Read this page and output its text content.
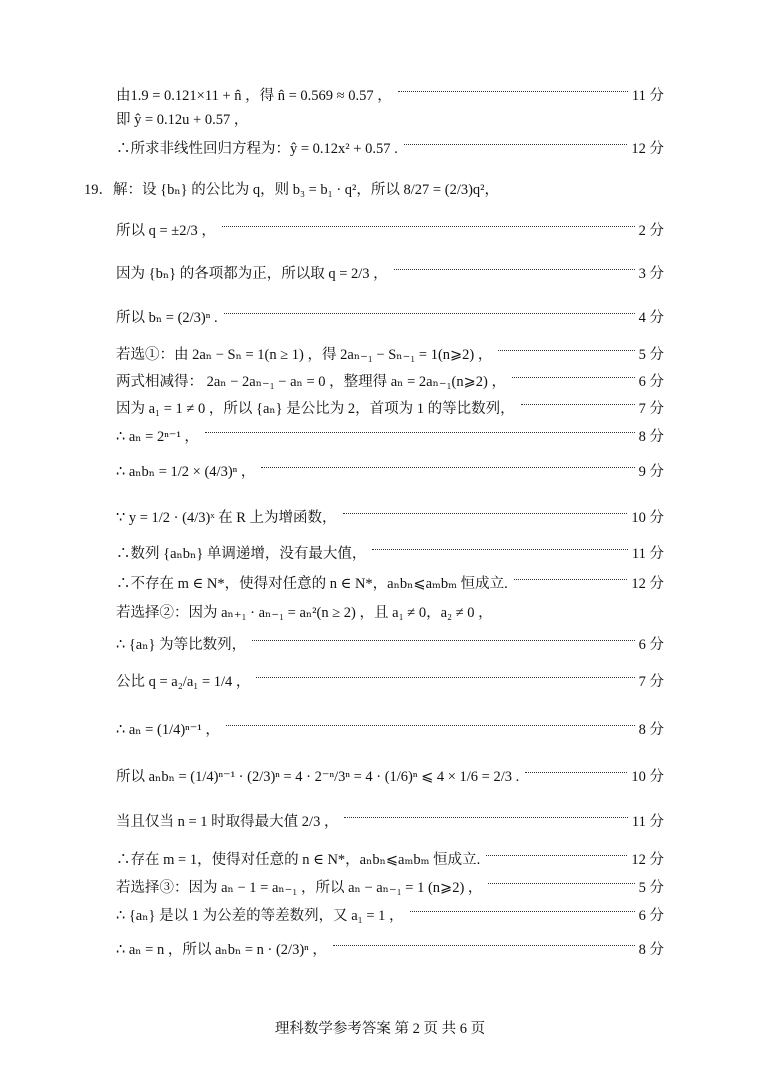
由1.9 = 0.121×11 + n̂ ，得 n̂ = 0.569 ≈ 0.57 ，	11 分
即 ŷ = 0.12u + 0.57 ，
∴所求非线性回归方程为：ŷ = 0.12x² + 0.57 .	12 分
19．解：设 {bₙ} 的公比为 q，则 b₃ = b₁ · q²，所以 8/27 = (2/3)q²，
所以 q = ±2/3 ，	2 分
因为 {bₙ} 的各项都为正，所以取 q = 2/3 ，	3 分
所以 bₙ = (2/3)ⁿ .	4 分
若选①：由 2aₙ − Sₙ = 1(n ≥ 1) ，得 2aₙ₋₁ − Sₙ₋₁ = 1(n⩾2) ，	5 分
两式相减得： 2aₙ − 2aₙ₋₁ − aₙ = 0 ，整理得 aₙ = 2aₙ₋₁(n⩾2) ，	6 分
因为 a₁ = 1 ≠ 0 ，所以 {aₙ} 是公比为 2，首项为 1 的等比数列，	7 分
∴ aₙ = 2ⁿ⁻¹ ，	8 分
∴ aₙbₙ = 1/2 × (4/3)ⁿ ，	9 分
∵ y = 1/2 · (4/3)ˣ 在 R 上为增函数，	10 分
∴数列 {aₙbₙ} 单调递增，没有最大值，	11 分
∴不存在 m ∈ N*，使得对任意的 n ∈ N*，aₙbₙ⩽aₘbₘ 恒成立.	12 分
若选择②：因为 aₙ₊₁ · aₙ₋₁ = aₙ²(n ≥ 2) ，且 a₁ ≠ 0，a₂ ≠ 0 ，
∴ {aₙ} 为等比数列，	6 分
公比 q = a₂/a₁ = 1/4 ，	7 分
∴ aₙ = (1/4)ⁿ⁻¹ ，	8 分
所以 aₙbₙ = (1/4)ⁿ⁻¹ · (2/3)ⁿ = 4 · 2⁻ⁿ/3ⁿ = 4 · (1/6)ⁿ ⩽ 4 × 1/6 = 2/3 .	10 分
当且仅当 n = 1 时取得最大值 2/3 ，	11 分
∴存在 m = 1，使得对任意的 n ∈ N*，aₙbₙ⩽aₘbₘ 恒成立.	12 分
若选择③：因为 aₙ − 1 = aₙ₋₁ ，所以 aₙ − aₙ₋₁ = 1 (n⩾2) ，	5 分
∴ {aₙ} 是以 1 为公差的等差数列，又 a₁ = 1 ，	6 分
∴ aₙ = n ，所以 aₙbₙ = n · (2/3)ⁿ ，	8 分
理科数学参考答案 第 2 页 共 6 页
